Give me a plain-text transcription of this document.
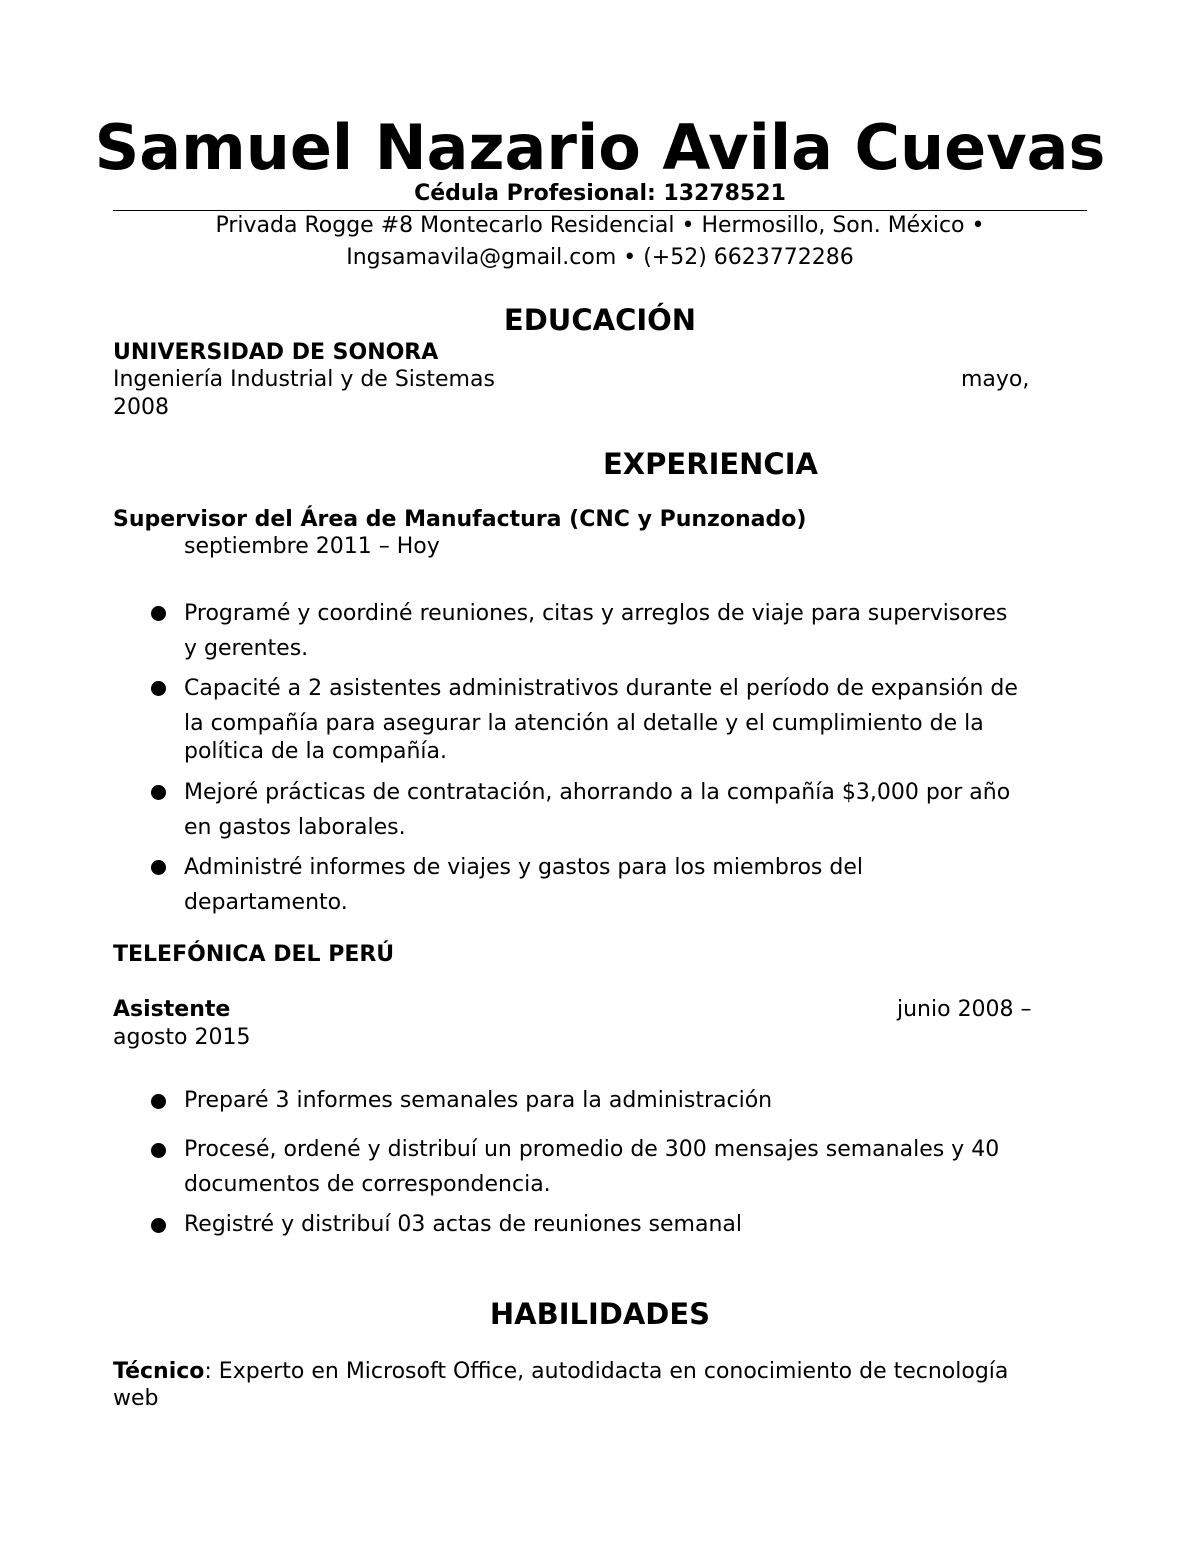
Samuel Nazario Avila Cuevas
Cédula Profesional: 13278521
Privada Rogge #8 Montecarlo Residencial • Hermosillo, Son. México •
Ingsamavila@gmail.com • (+52) 6623772286
EDUCACIÓN
UNIVERSIDAD DE SONORA
Ingeniería Industrial y de Sistemas	mayo,
2008
EXPERIENCIA
Supervisor del Área de Manufactura (CNC y Punzonado)
septiembre 2011 – Hoy
Programé y coordiné reuniones, citas y arreglos de viaje para supervisores
y gerentes.
Capacité a 2 asistentes administrativos durante el período de expansión de
la compañía para asegurar la atención al detalle y el cumplimiento de la
política de la compañía.
Mejoré prácticas de contratación, ahorrando a la compañía $3,000 por año
en gastos laborales.
Administré informes de viajes y gastos para los miembros del
departamento.
TELEFÓNICA DEL PERÚ
Asistente	junio 2008 –
agosto 2015
Preparé 3 informes semanales para la administración
Procesé, ordené y distribuí un promedio de 300 mensajes semanales y 40
documentos de correspondencia.
Registré y distribuí 03 actas de reuniones semanal
HABILIDADES
Técnico: Experto en Microsoft Office, autodidacta en conocimiento de tecnología
web
